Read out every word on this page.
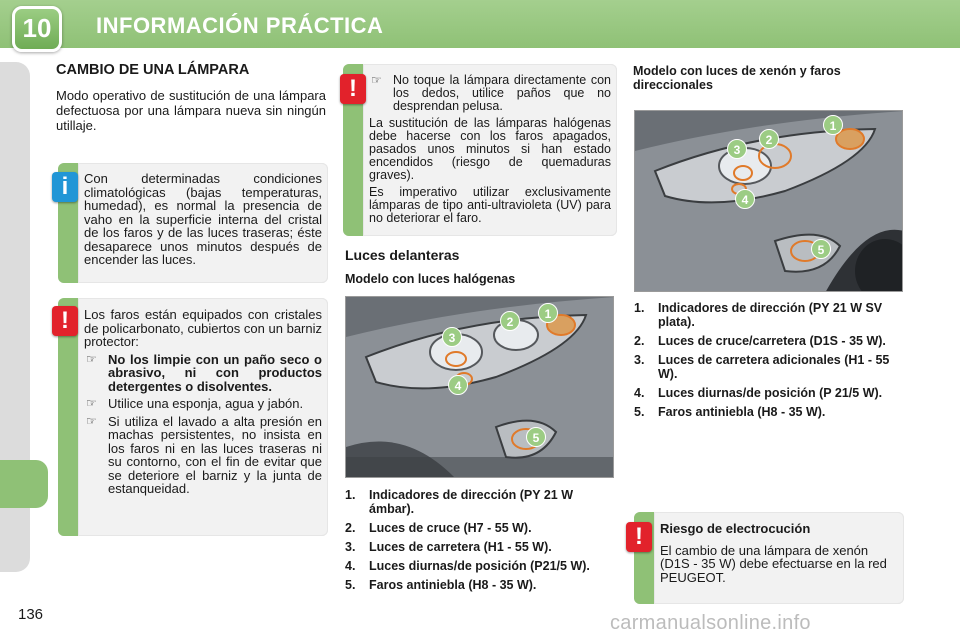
10	INFORMACIÓN PRÁCTICA
CAMBIO DE UNA LÁMPARA
Modo operativo de sustitución de una lámpara defectuosa por una lámpara nueva sin ningún utillaje.
Con determinadas condiciones climatológicas (bajas temperaturas, humedad), es normal la presencia de vaho en la superficie interna del cristal de los faros y de las luces traseras; éste desaparece unos minutos después de encender las luces.
i

Los faros están equipados con cristales de policarbonato, cubiertos con un barniz protector:

☞ No los limpie con un paño seco o abrasivo, ni con productos detergentes o disolventes.
☞ Utilice una esponja, agua y jabón.
☞ Si utiliza el lavado a alta presión en machas persistentes, no insista en los faros ni en las luces traseras ni su contorno, con el fin de evitar que se deteriore el barniz y la junta de estanqueidad.
!
☞ No toque la lámpara directamente con los dedos, utilice paños que no desprendan pelusa.

La sustitución de las lámparas halógenas debe hacerse con los faros apagados, pasados unos minutos si han estado encendidos (riesgo de quemaduras graves).

Es imperativo utilizar exclusivamente lámparas de tipo anti-ultravioleta (UV) para no deteriorar el faro.

!
Luces delanteras
Modelo con luces halógenas
1
2
3
4
5
1. Indicadores de dirección (PY 21 W ámbar).
2. Luces de cruce (H7 - 55 W).
3. Luces de carretera (H1 - 55 W).
4. Luces diurnas/de posición (P21/5 W).
5. Faros antiniebla (H8 - 35 W).
Modelo con luces de xenón y faros direccionales
1
2
3
4
5
1. Indicadores de dirección (PY 21 W SV plata).
2. Luces de cruce/carretera (D1S - 35 W).
3. Luces de carretera adicionales (H1 - 55 W).
4. Luces diurnas/de posición (P 21/5 W).
5. Faros antiniebla (H8 - 35 W).

Riesgo de electrocución

El cambio de una lámpara de xenón (D1S - 35 W) debe efectuarse en la red PEUGEOT.

!
136	carmanualsonline.info
